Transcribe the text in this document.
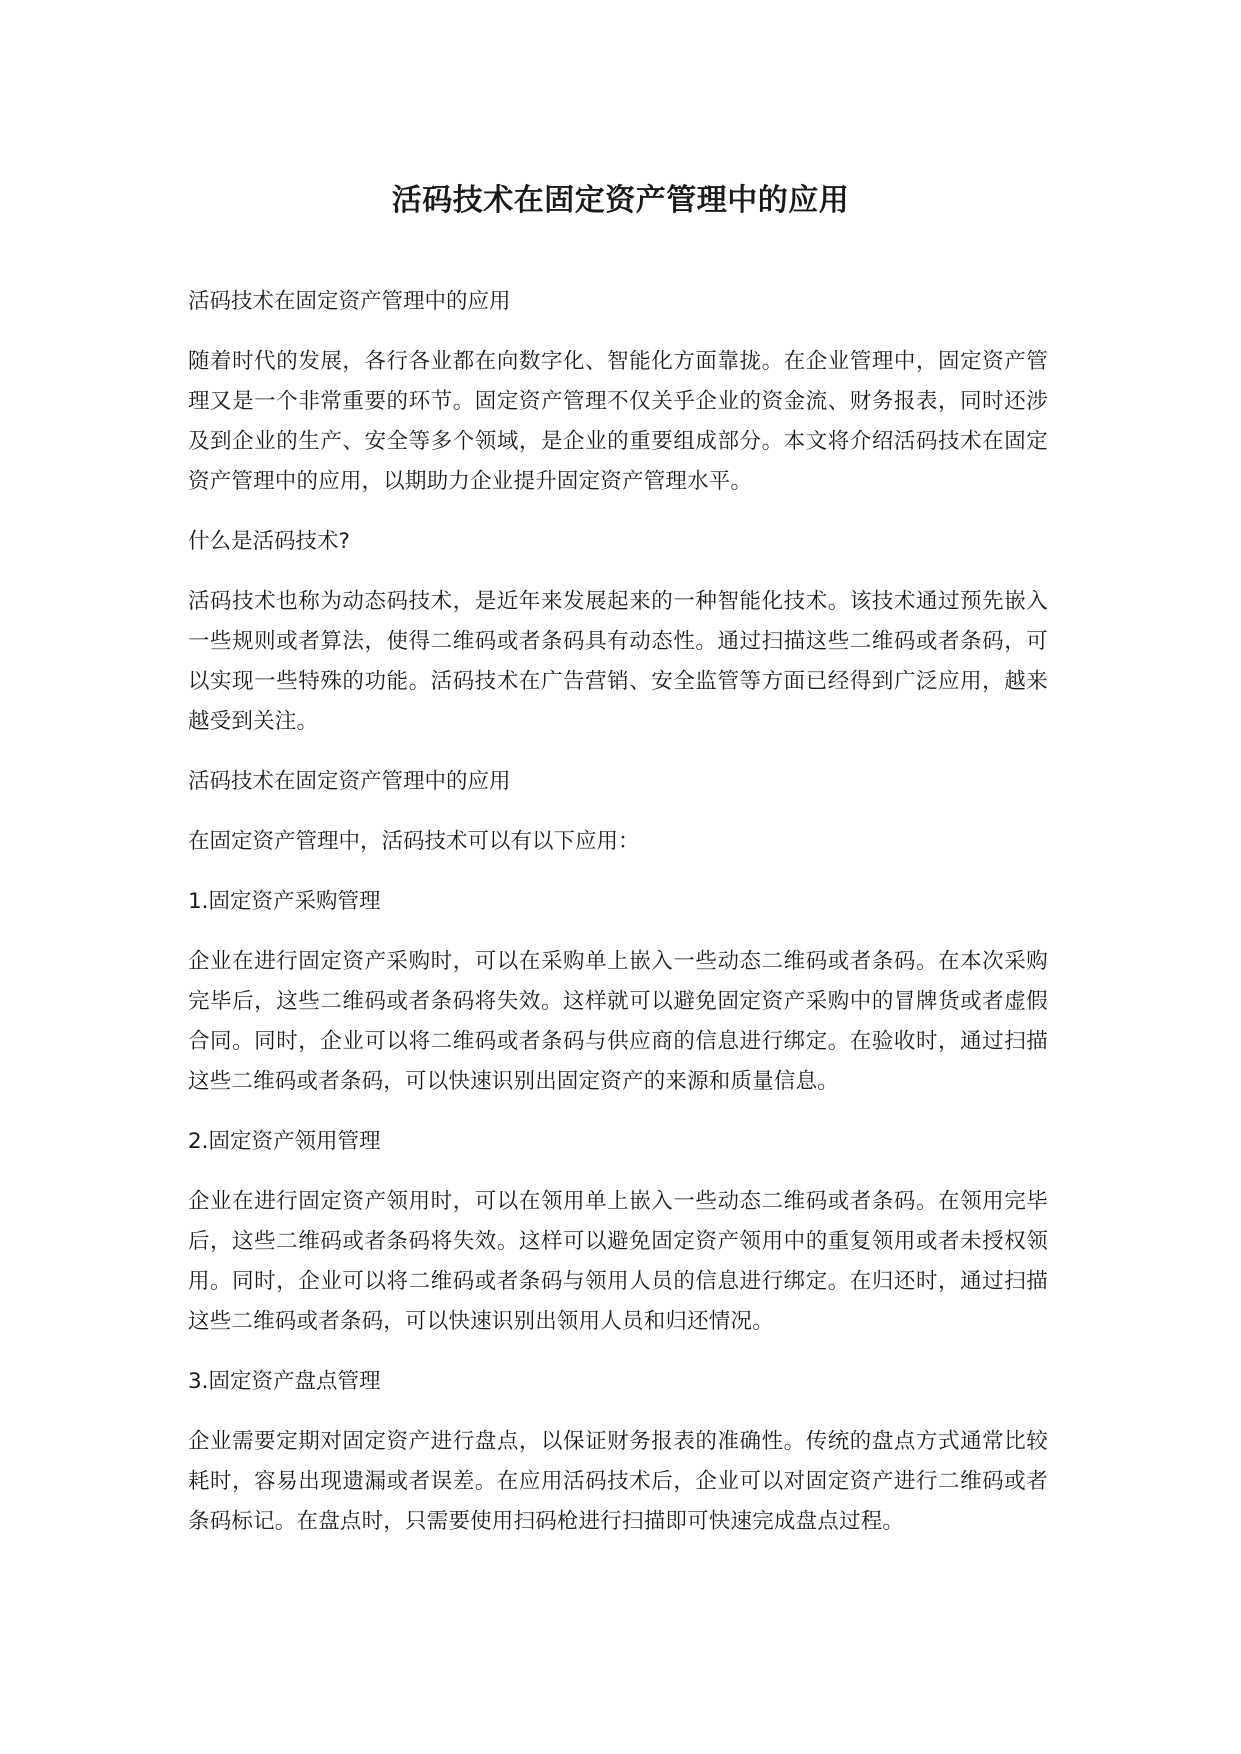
活码技术在固定资产管理中的应用

活码技术在固定资产管理中的应用

随着时代的发展，各行各业都在向数字化、智能化方面靠拢。在企业管理中，固定资产管理又是一个非常重要的环节。固定资产管理不仅关乎企业的资金流、财务报表，同时还涉及到企业的生产、安全等多个领域，是企业的重要组成部分。本文将介绍活码技术在固定资产管理中的应用，以期助力企业提升固定资产管理水平。

什么是活码技术?

活码技术也称为动态码技术，是近年来发展起来的一种智能化技术。该技术通过预先嵌入一些规则或者算法，使得二维码或者条码具有动态性。通过扫描这些二维码或者条码，可以实现一些特殊的功能。活码技术在广告营销、安全监管等方面已经得到广泛应用，越来越受到关注。

活码技术在固定资产管理中的应用

在固定资产管理中，活码技术可以有以下应用：

1.固定资产采购管理

企业在进行固定资产采购时，可以在采购单上嵌入一些动态二维码或者条码。在本次采购完毕后，这些二维码或者条码将失效。这样就可以避免固定资产采购中的冒牌货或者虚假合同。同时，企业可以将二维码或者条码与供应商的信息进行绑定。在验收时，通过扫描这些二维码或者条码，可以快速识别出固定资产的来源和质量信息。

2.固定资产领用管理

企业在进行固定资产领用时，可以在领用单上嵌入一些动态二维码或者条码。在领用完毕后，这些二维码或者条码将失效。这样可以避免固定资产领用中的重复领用或者未授权领用。同时，企业可以将二维码或者条码与领用人员的信息进行绑定。在归还时，通过扫描这些二维码或者条码，可以快速识别出领用人员和归还情况。

3.固定资产盘点管理

企业需要定期对固定资产进行盘点，以保证财务报表的准确性。传统的盘点方式通常比较耗时，容易出现遗漏或者误差。在应用活码技术后，企业可以对固定资产进行二维码或者条码标记。在盘点时，只需要使用扫码枪进行扫描即可快速完成盘点过程。
